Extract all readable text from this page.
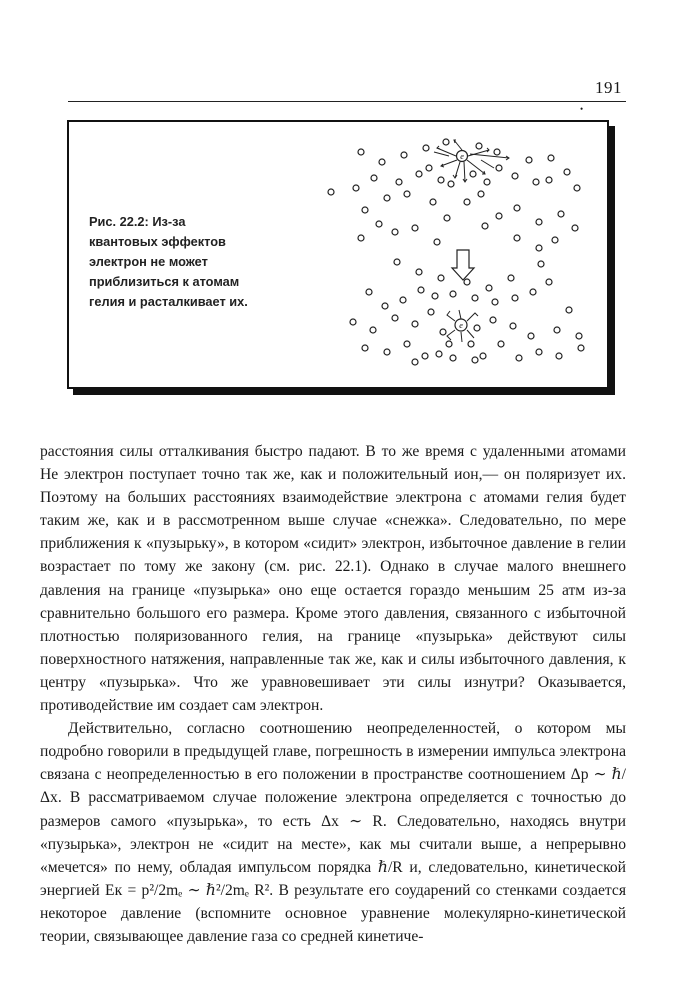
191
•
Рис. 22.2: Из-за
квантовых эффектов
электрон не может
приблизиться к атомам
гелия и расталкивает их.
e
e

расстояния силы отталкивания быстро падают. В то же время с удаленными атомами He электрон поступает точно так же, как и положительный ион,— он поляризует их. Поэтому на больших расстояниях взаимодействие электрона с атомами гелия будет таким же, как и в рассмотренном выше случае «снежка». Следовательно, по мере приближения к «пузырьку», в котором «сидит» электрон, избыточное давление в гелии возрастает по тому же закону (см. рис. 22.1). Однако в случае малого внешнего давления на границе «пузырька» оно еще остается гораздо меньшим 25 атм из-за сравнительно большого его размера. Кроме этого давления, связанного с избыточной плотностью поляризованного гелия, на границе «пузырька» действуют силы поверхностного натяжения, направленные так же, как и силы избыточного давления, к центру «пузырька». Что же уравновешивает эти силы изнутри? Оказывается, противодействие им создает сам электрон.

Действительно, согласно соотношению неопределенностей, о котором мы подробно говорили в предыдущей главе, погрешность в измерении импульса электрона связана с неопределенностью в его положении в пространстве соотношением Δp ∼ ℏ/Δx. В рассматриваемом случае положение электрона определяется с точностью до размеров самого «пузырька», то есть Δx ∼ R. Следовательно, находясь внутри «пузырька», электрон не «сидит на месте», как мы считали выше, а непрерывно «мечется» по нему, обладая импульсом порядка ℏ/R и, следовательно, кинетической энергией Eк = p²/2mₑ ∼ ℏ²/2mₑ R². В результате его соударений со стенками создается некоторое давление (вспомните основное уравнение молекулярно-кинетической теории, связывающее давление газа со средней кинетиче-
